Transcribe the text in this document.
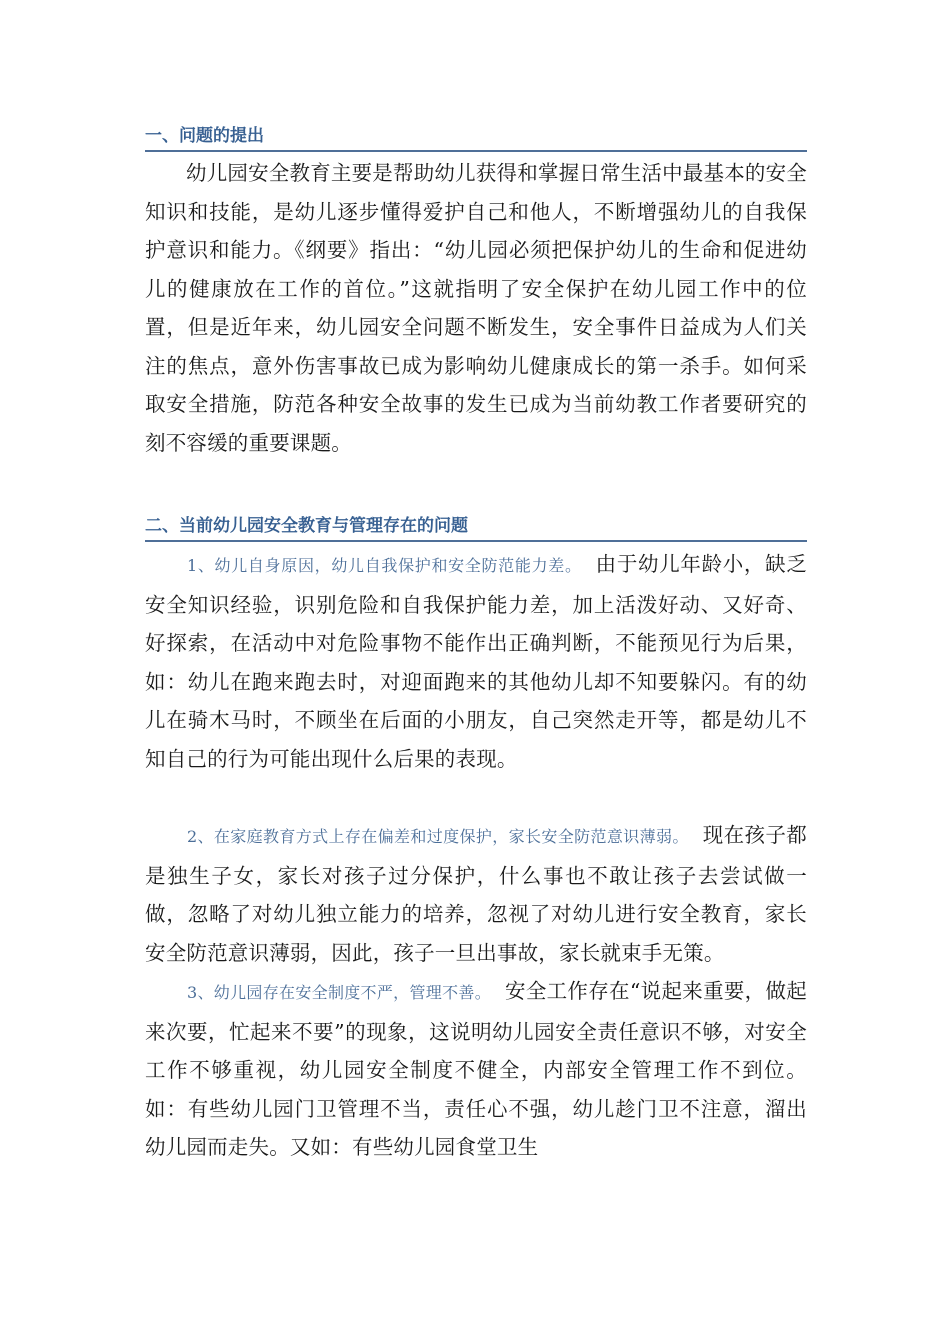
一、问题的提出

幼儿园安全教育主要是帮助幼儿获得和掌握日常生活中最基本的安全知识和技能，是幼儿逐步懂得爱护自己和他人，不断增强幼儿的自我保护意识和能力。《纲要》指出：“幼儿园必须把保护幼儿的生命和促进幼儿的健康放在工作的首位。”这就指明了安全保护在幼儿园工作中的位置，但是近年来，幼儿园安全问题不断发生，安全事件日益成为人们关注的焦点，意外伤害事故已成为影响幼儿健康成长的第一杀手。如何采取安全措施，防范各种安全故事的发生已成为当前幼教工作者要研究的刻不容缓的重要课题。

二、当前幼儿园安全教育与管理存在的问题

1、幼儿自身原因，幼儿自我保护和安全防范能力差。 由于幼儿年龄小，缺乏安全知识经验，识别危险和自我保护能力差，加上活泼好动、又好奇、好探索，在活动中对危险事物不能作出正确判断，不能预见行为后果，如：幼儿在跑来跑去时，对迎面跑来的其他幼儿却不知要躲闪。有的幼儿在骑木马时，不顾坐在后面的小朋友，自己突然走开等，都是幼儿不知自己的行为可能出现什么后果的表现。

2、在家庭教育方式上存在偏差和过度保护，家长安全防范意识薄弱。 现在孩子都是独生子女，家长对孩子过分保护，什么事也不敢让孩子去尝试做一做，忽略了对幼儿独立能力的培养，忽视了对幼儿进行安全教育，家长安全防范意识薄弱，因此，孩子一旦出事故，家长就束手无策。

3、幼儿园存在安全制度不严，管理不善。 安全工作存在“说起来重要，做起来次要，忙起来不要”的现象，这说明幼儿园安全责任意识不够，对安全工作不够重视，幼儿园安全制度不健全，内部安全管理工作不到位。如：有些幼儿园门卫管理不当，责任心不强，幼儿趁门卫不注意，溜出幼儿园而走失。又如：有些幼儿园食堂卫生
